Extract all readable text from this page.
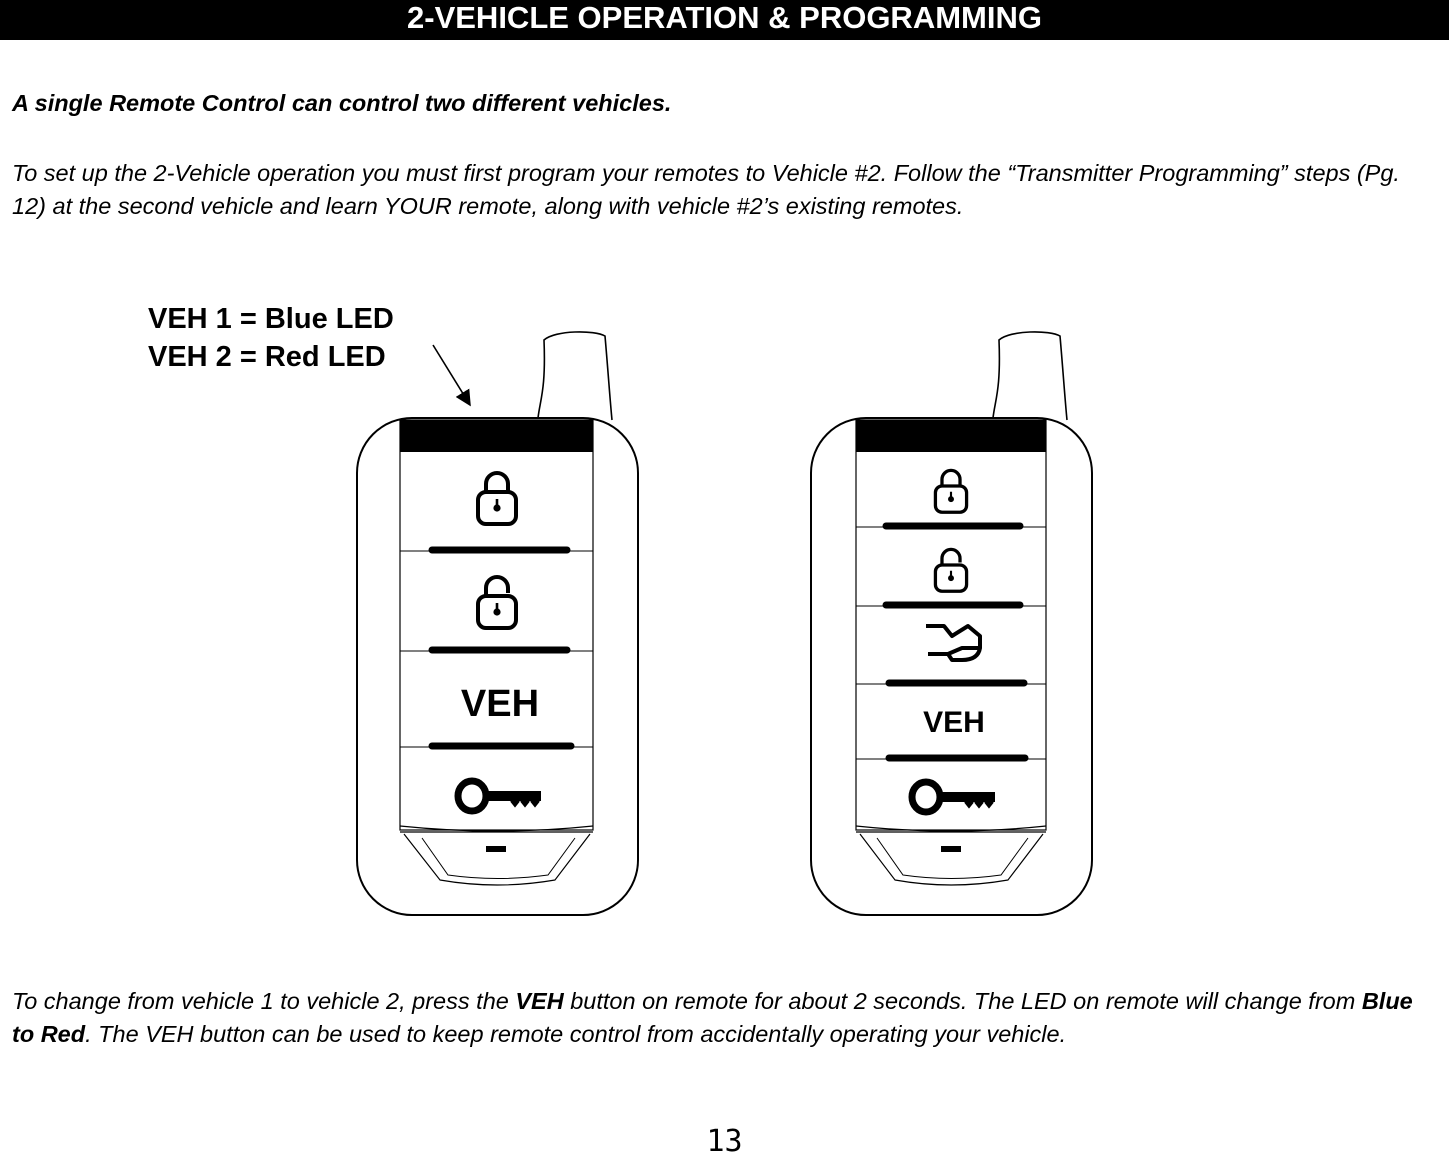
2-VEHICLE OPERATION & PROGRAMMING

A single Remote Control can control two different vehicles.

To set up the 2-Vehicle operation you must first program your remotes to Vehicle #2. Follow the “Transmitter Programming” steps (Pg. 12) at the second vehicle and learn YOUR remote, along with vehicle #2’s existing remotes.

VEH 1 = Blue LED
VEH 2 = Red LED
VEH	VEH

To change from vehicle 1 to vehicle 2, press the VEH button on remote for about 2 seconds. The LED on remote will change from Blue to Red. The VEH button can be used to keep remote control from accidentally operating your vehicle.

13
